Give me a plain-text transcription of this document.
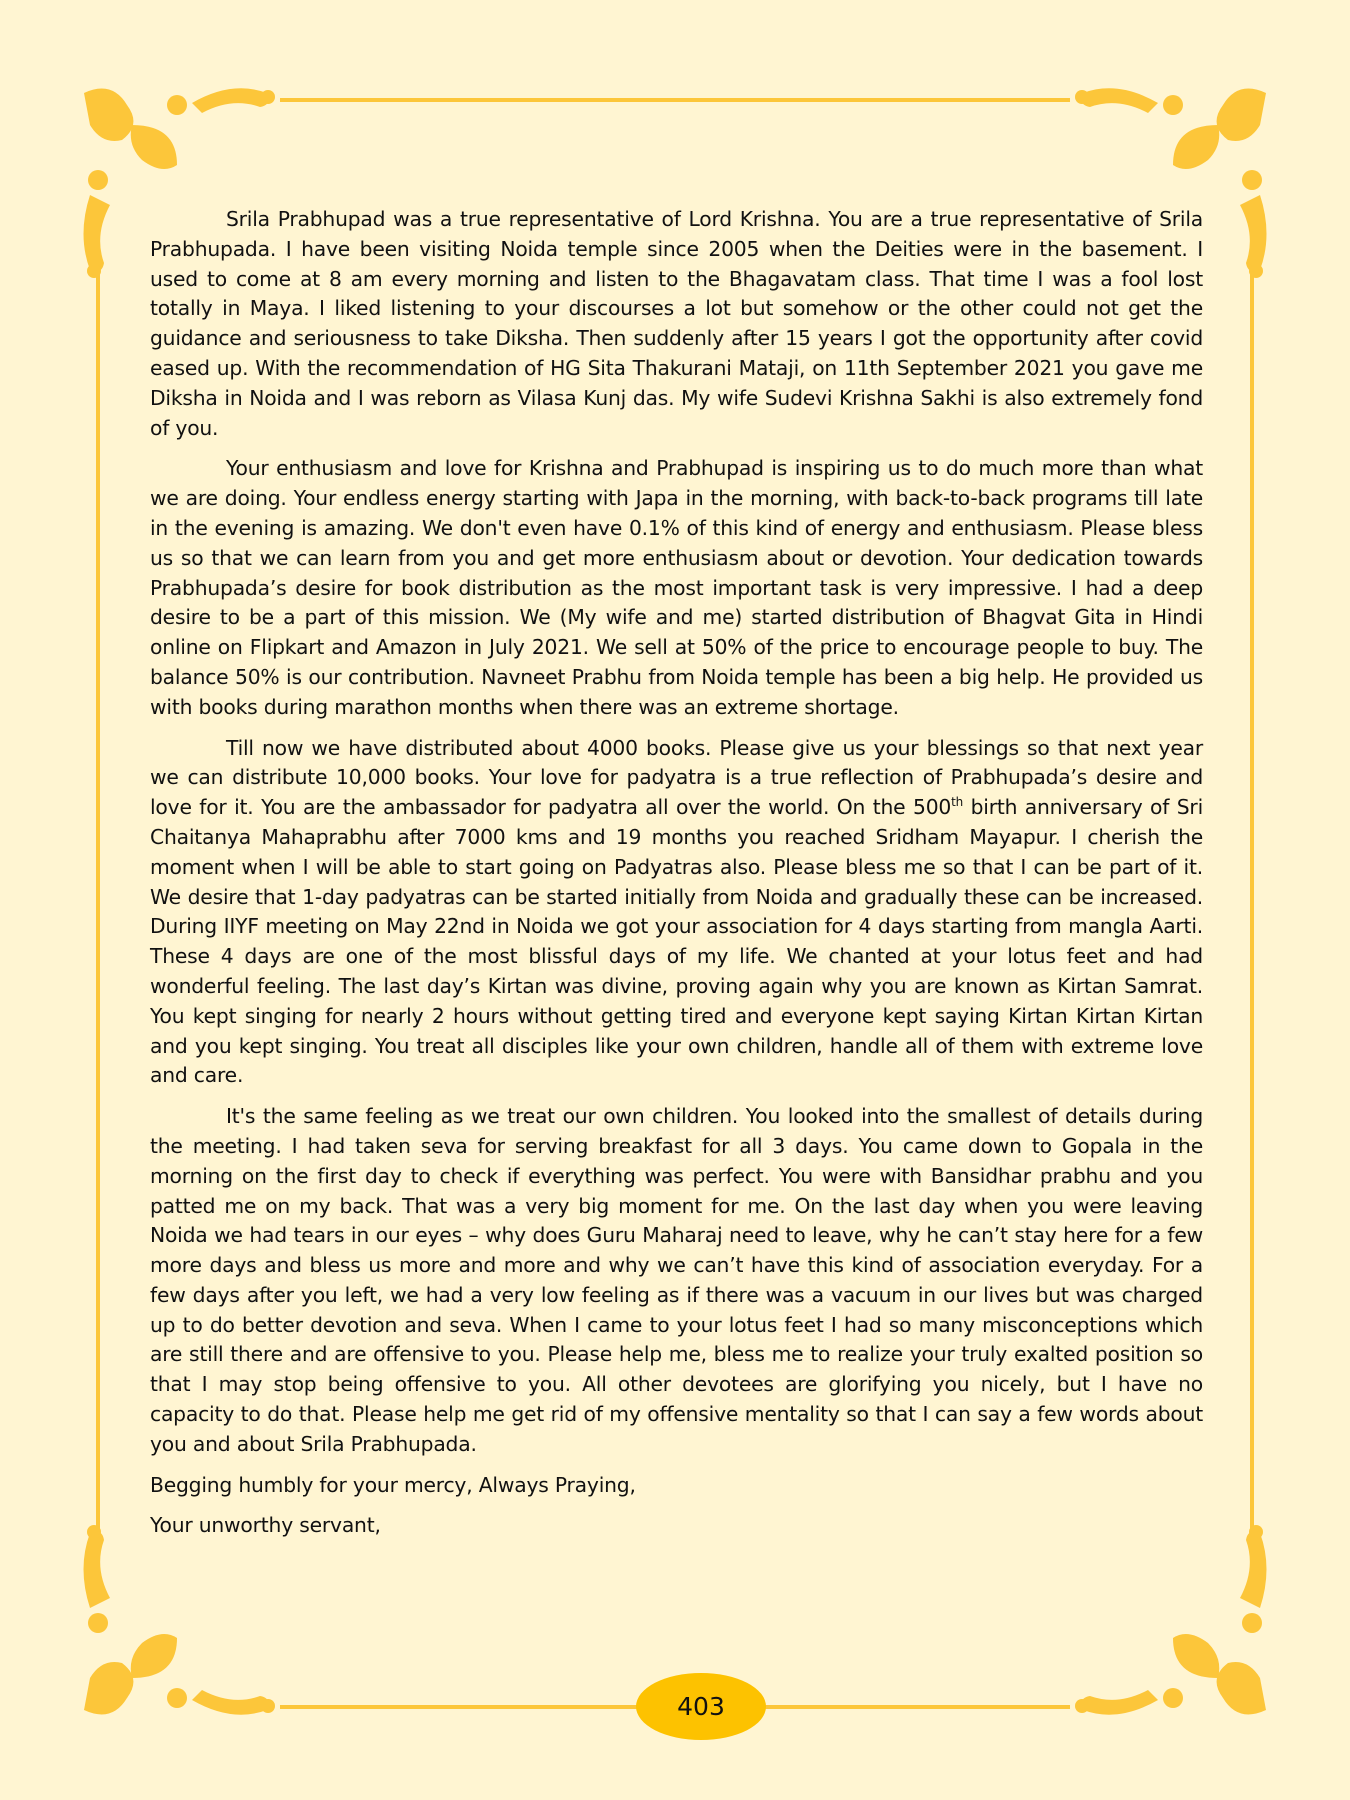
Srila Prabhupad was a true representative of Lord Krishna. You are a true representative of Srila Prabhupada. I have been visiting Noida temple since 2005 when the Deities were in the basement. I used to come at 8 am every morning and listen to the Bhagavatam class. That time I was a fool lost totally in Maya. I liked listening to your discourses a lot but somehow or the other could not get the guidance and seriousness to take Diksha. Then suddenly after 15 years I got the opportunity after covid eased up. With the recommendation of HG Sita Thakurani Mataji, on 11th September 2021 you gave me Diksha in Noida and I was reborn as Vilasa Kunj das. My wife Sudevi Krishna Sakhi is also extremely fond of you.

Your enthusiasm and love for Krishna and Prabhupad is inspiring us to do much more than what we are doing. Your endless energy starting with Japa in the morning, with back-to-back programs till late in the evening is amazing. We don't even have 0.1% of this kind of energy and enthusiasm. Please bless us so that we can learn from you and get more enthusiasm about or devotion. Your dedication towards Prabhupada’s desire for book distribution as the most important task is very impressive. I had a deep desire to be a part of this mission. We (My wife and me) started distribution of Bhagvat Gita in Hindi online on Flipkart and Amazon in July 2021. We sell at 50% of the price to encourage people to buy. The balance 50% is our contribution. Navneet Prabhu from Noida temple has been a big help. He provided us with books during marathon months when there was an extreme shortage.

Till now we have distributed about 4000 books. Please give us your blessings so that next year we can distribute 10,000 books. Your love for padyatra is a true reflection of Prabhupada’s desire and love for it. You are the ambassador for padyatra all over the world. On the 500th birth anniversary of Sri Chaitanya Mahaprabhu after 7000 kms and 19 months you reached Sridham Mayapur. I cherish the moment when I will be able to start going on Padyatras also. Please bless me so that I can be part of it. We desire that 1-day padyatras can be started initially from Noida and gradually these can be increased. During IIYF meeting on May 22nd in Noida we got your association for 4 days starting from mangla Aarti. These 4 days are one of the most blissful days of my life. We chanted at your lotus feet and had wonderful feeling. The last day’s Kirtan was divine, proving again why you are known as Kirtan Samrat. You kept singing for nearly 2 hours without getting tired and everyone kept saying Kirtan Kirtan Kirtan and you kept singing. You treat all disciples like your own children, handle all of them with extreme love and care.

It's the same feeling as we treat our own children. You looked into the smallest of details during the meeting. I had taken seva for serving breakfast for all 3 days. You came down to Gopala in the morning on the first day to check if everything was perfect. You were with Bansidhar prabhu and you patted me on my back. That was a very big moment for me. On the last day when you were leaving Noida we had tears in our eyes – why does Guru Maharaj need to leave, why he can’t stay here for a few more days and bless us more and more and why we can’t have this kind of association everyday. For a few days after you left, we had a very low feeling as if there was a vacuum in our lives but was charged up to do better devotion and seva. When I came to your lotus feet I had so many misconceptions which are still there and are offensive to you. Please help me, bless me to realize your truly exalted position so that I may stop being offensive to you. All other devotees are glorifying you nicely, but I have no capacity to do that. Please help me get rid of my offensive mentality so that I can say a few words about you and about Srila Prabhupada.

Begging humbly for your mercy, Always Praying,

Your unworthy servant,

403
